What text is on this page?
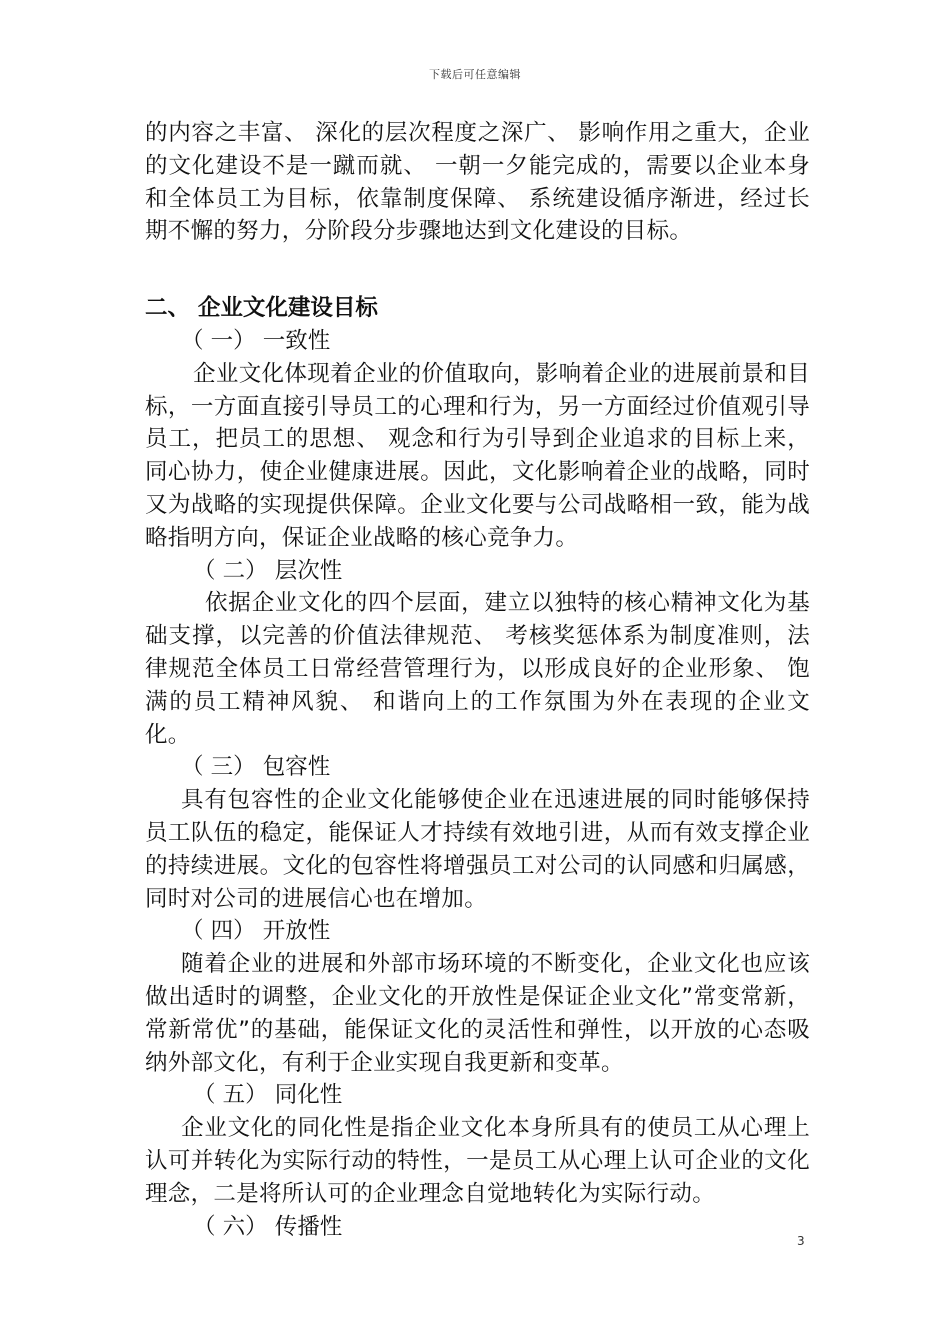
下载后可任意编辑

的内容之丰富、 深化的层次程度之深广、 影响作用之重大，企业的文化建设不是一蹴而就、 一朝一夕能完成的，需要以企业本身和全体员工为目标，依靠制度保障、 系统建设循序渐进，经过长期不懈的努力，分阶段分步骤地达到文化建设的目标。

二、 企业文化建设目标

（ 一） 一致性

企业文化体现着企业的价值取向，影响着企业的进展前景和目标，一方面直接引导员工的心理和行为，另一方面经过价值观引导员工，把员工的思想、 观念和行为引导到企业追求的目标上来，同心协力，使企业健康进展。因此，文化影响着企业的战略，同时又为战略的实现提供保障。企业文化要与公司战略相一致，能为战略指明方向，保证企业战略的核心竞争力。

（ 二） 层次性

依据企业文化的四个层面，建立以独特的核心精神文化为基础支撑，以完善的价值法律规范、 考核奖惩体系为制度准则，法律规范全体员工日常经营管理行为，以形成良好的企业形象、 饱满的员工精神风貌、 和谐向上的工作氛围为外在表现的企业文化。

（ 三） 包容性

具有包容性的企业文化能够使企业在迅速进展的同时能够保持员工队伍的稳定，能保证人才持续有效地引进，从而有效支撑企业的持续进展。文化的包容性将增强员工对公司的认同感和归属感，同时对公司的进展信心也在增加。

（ 四） 开放性

随着企业的进展和外部市场环境的不断变化，企业文化也应该做出适时的调整，企业文化的开放性是保证企业文化”常变常新，常新常优”的基础，能保证文化的灵活性和弹性，以开放的心态吸纳外部文化，有利于企业实现自我更新和变革。

（ 五） 同化性

企业文化的同化性是指企业文化本身所具有的使员工从心理上认可并转化为实际行动的特性，一是员工从心理上认可企业的文化理念，二是将所认可的企业理念自觉地转化为实际行动。

（ 六） 传播性

3
